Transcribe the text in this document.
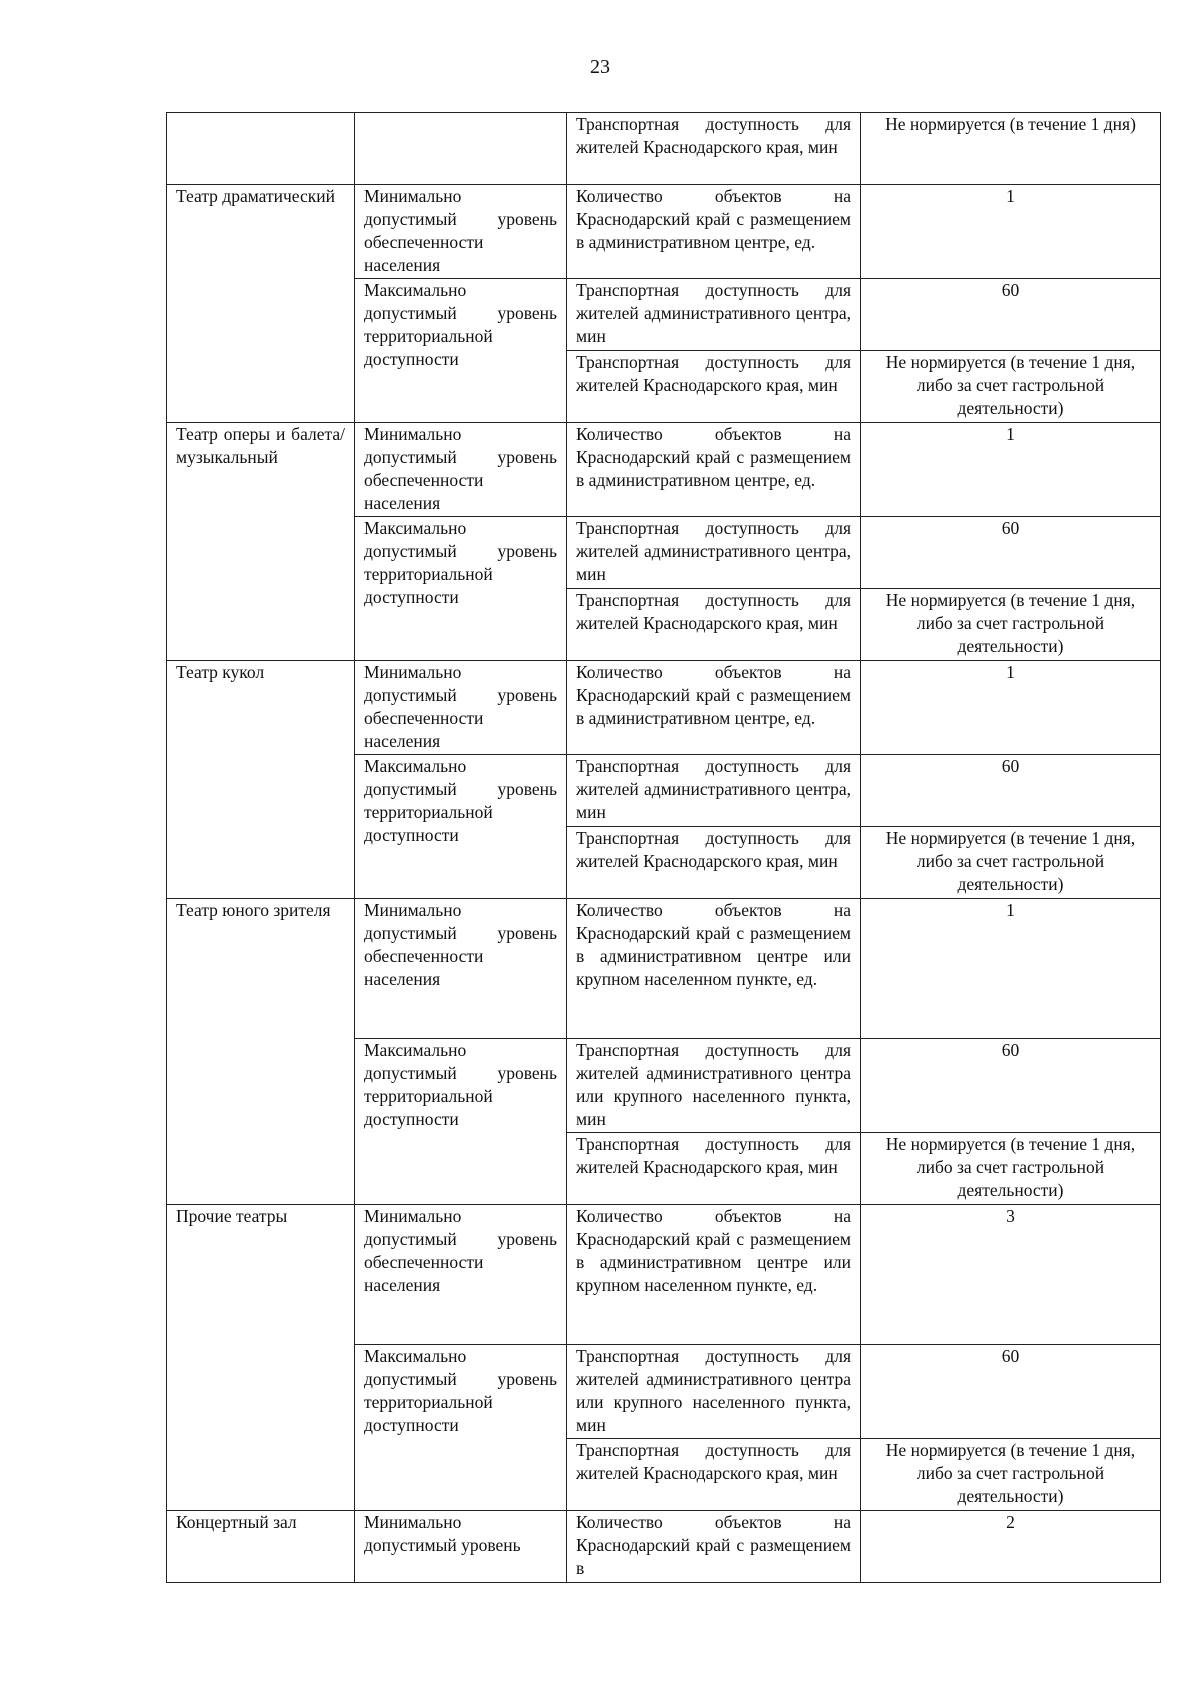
23
		Транспортная доступность для жителей Краснодарского края, мин	Не нормируется (в течение 1 дня)
Театр драматический	Минимально допустимый уровень обеспеченности населения	Количество объектов на Краснодарский край с размещением в административном центре, ед.	1
	Максимально допустимый уровень территориальной доступности	Транспортная доступность для жителей административного центра, мин	60
		Транспортная доступность для жителей Краснодарского края, мин	Не нормируется (в течение 1 дня, либо за счет гастрольной деятельности)
Театр оперы и балета/ музыкальный	Минимально допустимый уровень обеспеченности населения	Количество объектов на Краснодарский край с размещением в административном центре, ед.	1
	Максимально допустимый уровень территориальной доступности	Транспортная доступность для жителей административного центра, мин	60
		Транспортная доступность для жителей Краснодарского края, мин	Не нормируется (в течение 1 дня, либо за счет гастрольной деятельности)
Театр кукол	Минимально допустимый уровень обеспеченности населения	Количество объектов на Краснодарский край с размещением в административном центре, ед.	1
	Максимально допустимый уровень территориальной доступности	Транспортная доступность для жителей административного центра, мин	60
		Транспортная доступность для жителей Краснодарского края, мин	Не нормируется (в течение 1 дня, либо за счет гастрольной деятельности)
Театр юного зрителя	Минимально допустимый уровень обеспеченности населения	Количество объектов на Краснодарский край с размещением в административном центре или крупном населенном пункте, ед.	1
	Максимально допустимый уровень территориальной доступности	Транспортная доступность для жителей административного центра или крупного населенного пункта, мин	60
		Транспортная доступность для жителей Краснодарского края, мин	Не нормируется (в течение 1 дня, либо за счет гастрольной деятельности)
Прочие театры	Минимально допустимый уровень обеспеченности населения	Количество объектов на Краснодарский край с размещением в административном центре или крупном населенном пункте, ед.	3
	Максимально допустимый уровень территориальной доступности	Транспортная доступность для жителей административного центра или крупного населенного пункта, мин	60
		Транспортная доступность для жителей Краснодарского края, мин	Не нормируется (в течение 1 дня, либо за счет гастрольной деятельности)
Концертный зал	Минимально допустимый уровень	Количество объектов на Краснодарский край с размещением в	2
